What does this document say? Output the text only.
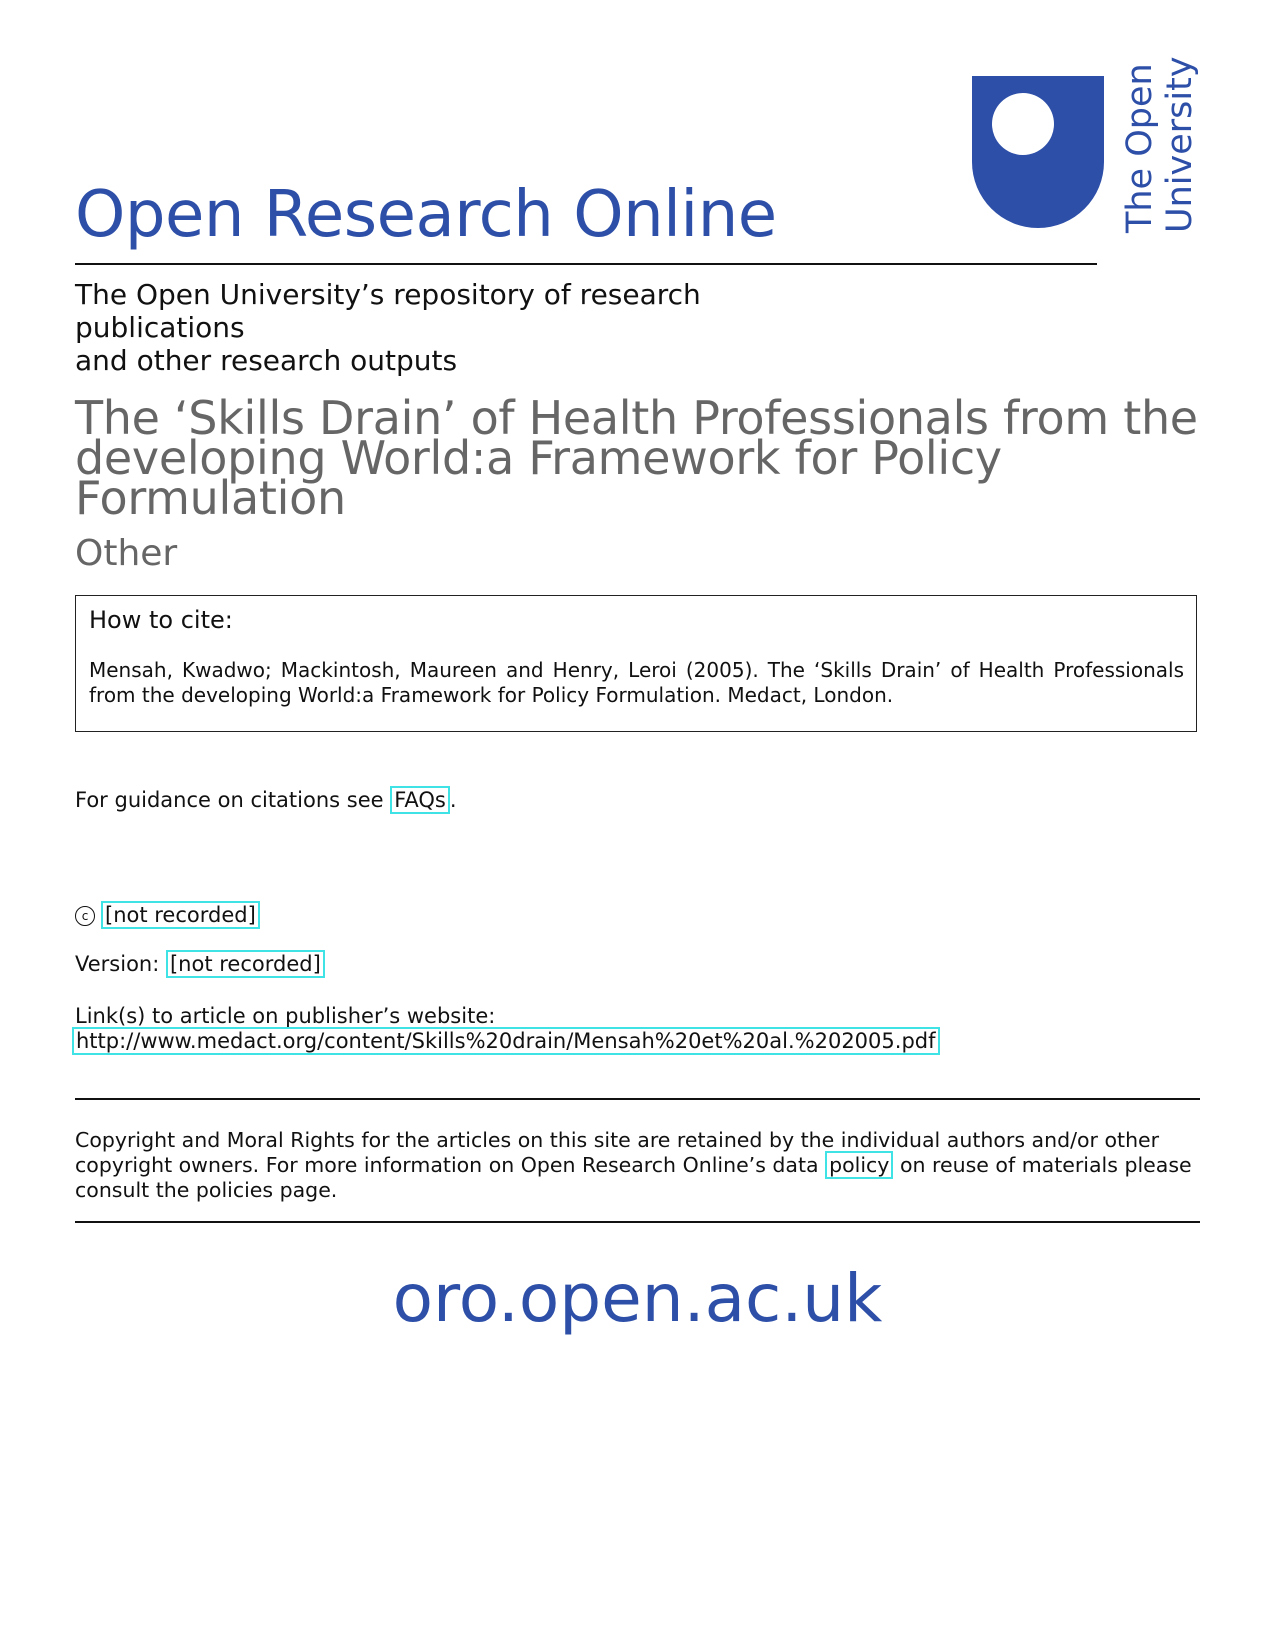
The Open University
Open Research Online
The Open University’s repository of research publications
and other research outputs
The ‘Skills Drain’ of Health Professionals from the developing World:a Framework for Policy Formulation
Other
How to cite:
Mensah, Kwadwo; Mackintosh, Maureen and Henry, Leroi (2005). The ‘Skills Drain’ of Health Professionals from the developing World:a Framework for Policy Formulation. Medact, London.
For guidance on citations see FAQs .
c [not recorded]
Version: [not recorded]
Link(s) to article on publisher’s website:
http://www.medact.org/content/Skills%20drain/Mensah%20et%20al.%202005.pdf
Copyright and Moral Rights for the articles on this site are retained by the individual authors and/or other copyright owners. For more information on Open Research Online’s data policy on reuse of materials please consult the policies page.
oro.open.ac.uk
